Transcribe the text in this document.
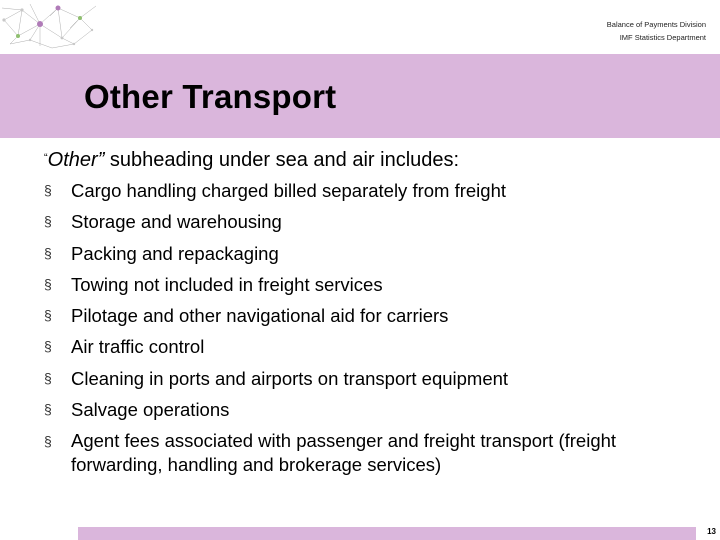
Balance of Payments Division
IMF Statistics Department
Other Transport

“Other” subheading under sea and air includes:

§ Cargo handling charged billed separately from freight
§ Storage and warehousing
§ Packing and repackaging
§ Towing not included in freight services
§ Pilotage and other navigational aid for carriers
§ Air traffic control
§ Cleaning in ports and airports on transport equipment
§ Salvage operations
§ Agent fees associated with passenger and freight transport (freight forwarding, handling and brokerage services)
13
